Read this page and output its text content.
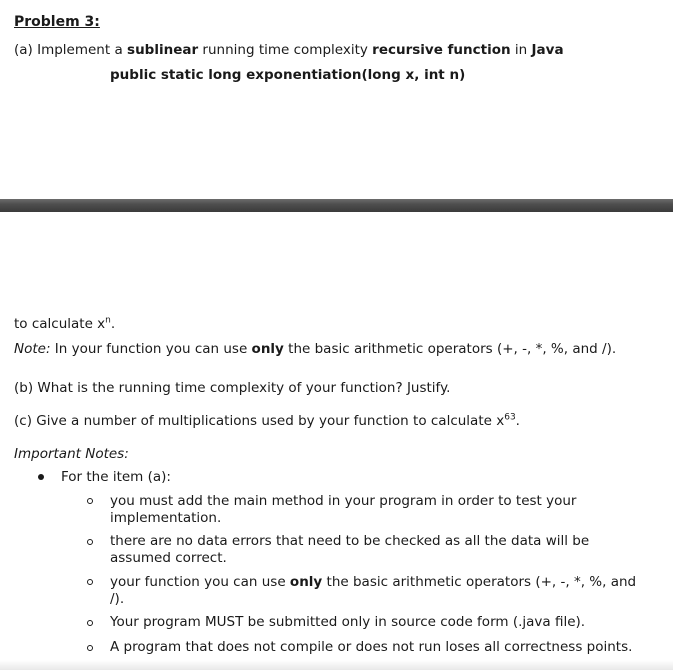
Problem 3:
(a) Implement a sublinear running time complexity recursive function in Java
public static long exponentiation(long x, int n)
to calculate $x^n$.
Note: In your function you can use only the basic arithmetic operators (+, -, *, %, and /).
(b) What is the running time complexity of your function? Justify.
(c) Give a number of multiplications used by your function to calculate $x^{63}$.
Important Notes:
For the item (a):
you must add the main method in your program in order to test your implementation.
there are no data errors that need to be checked as all the data will be assumed correct.
your function you can use only the basic arithmetic operators (+, -, *, %, and /).
Your program MUST be submitted only in source code form (.java file).
A program that does not compile or does not run loses all correctness points.
